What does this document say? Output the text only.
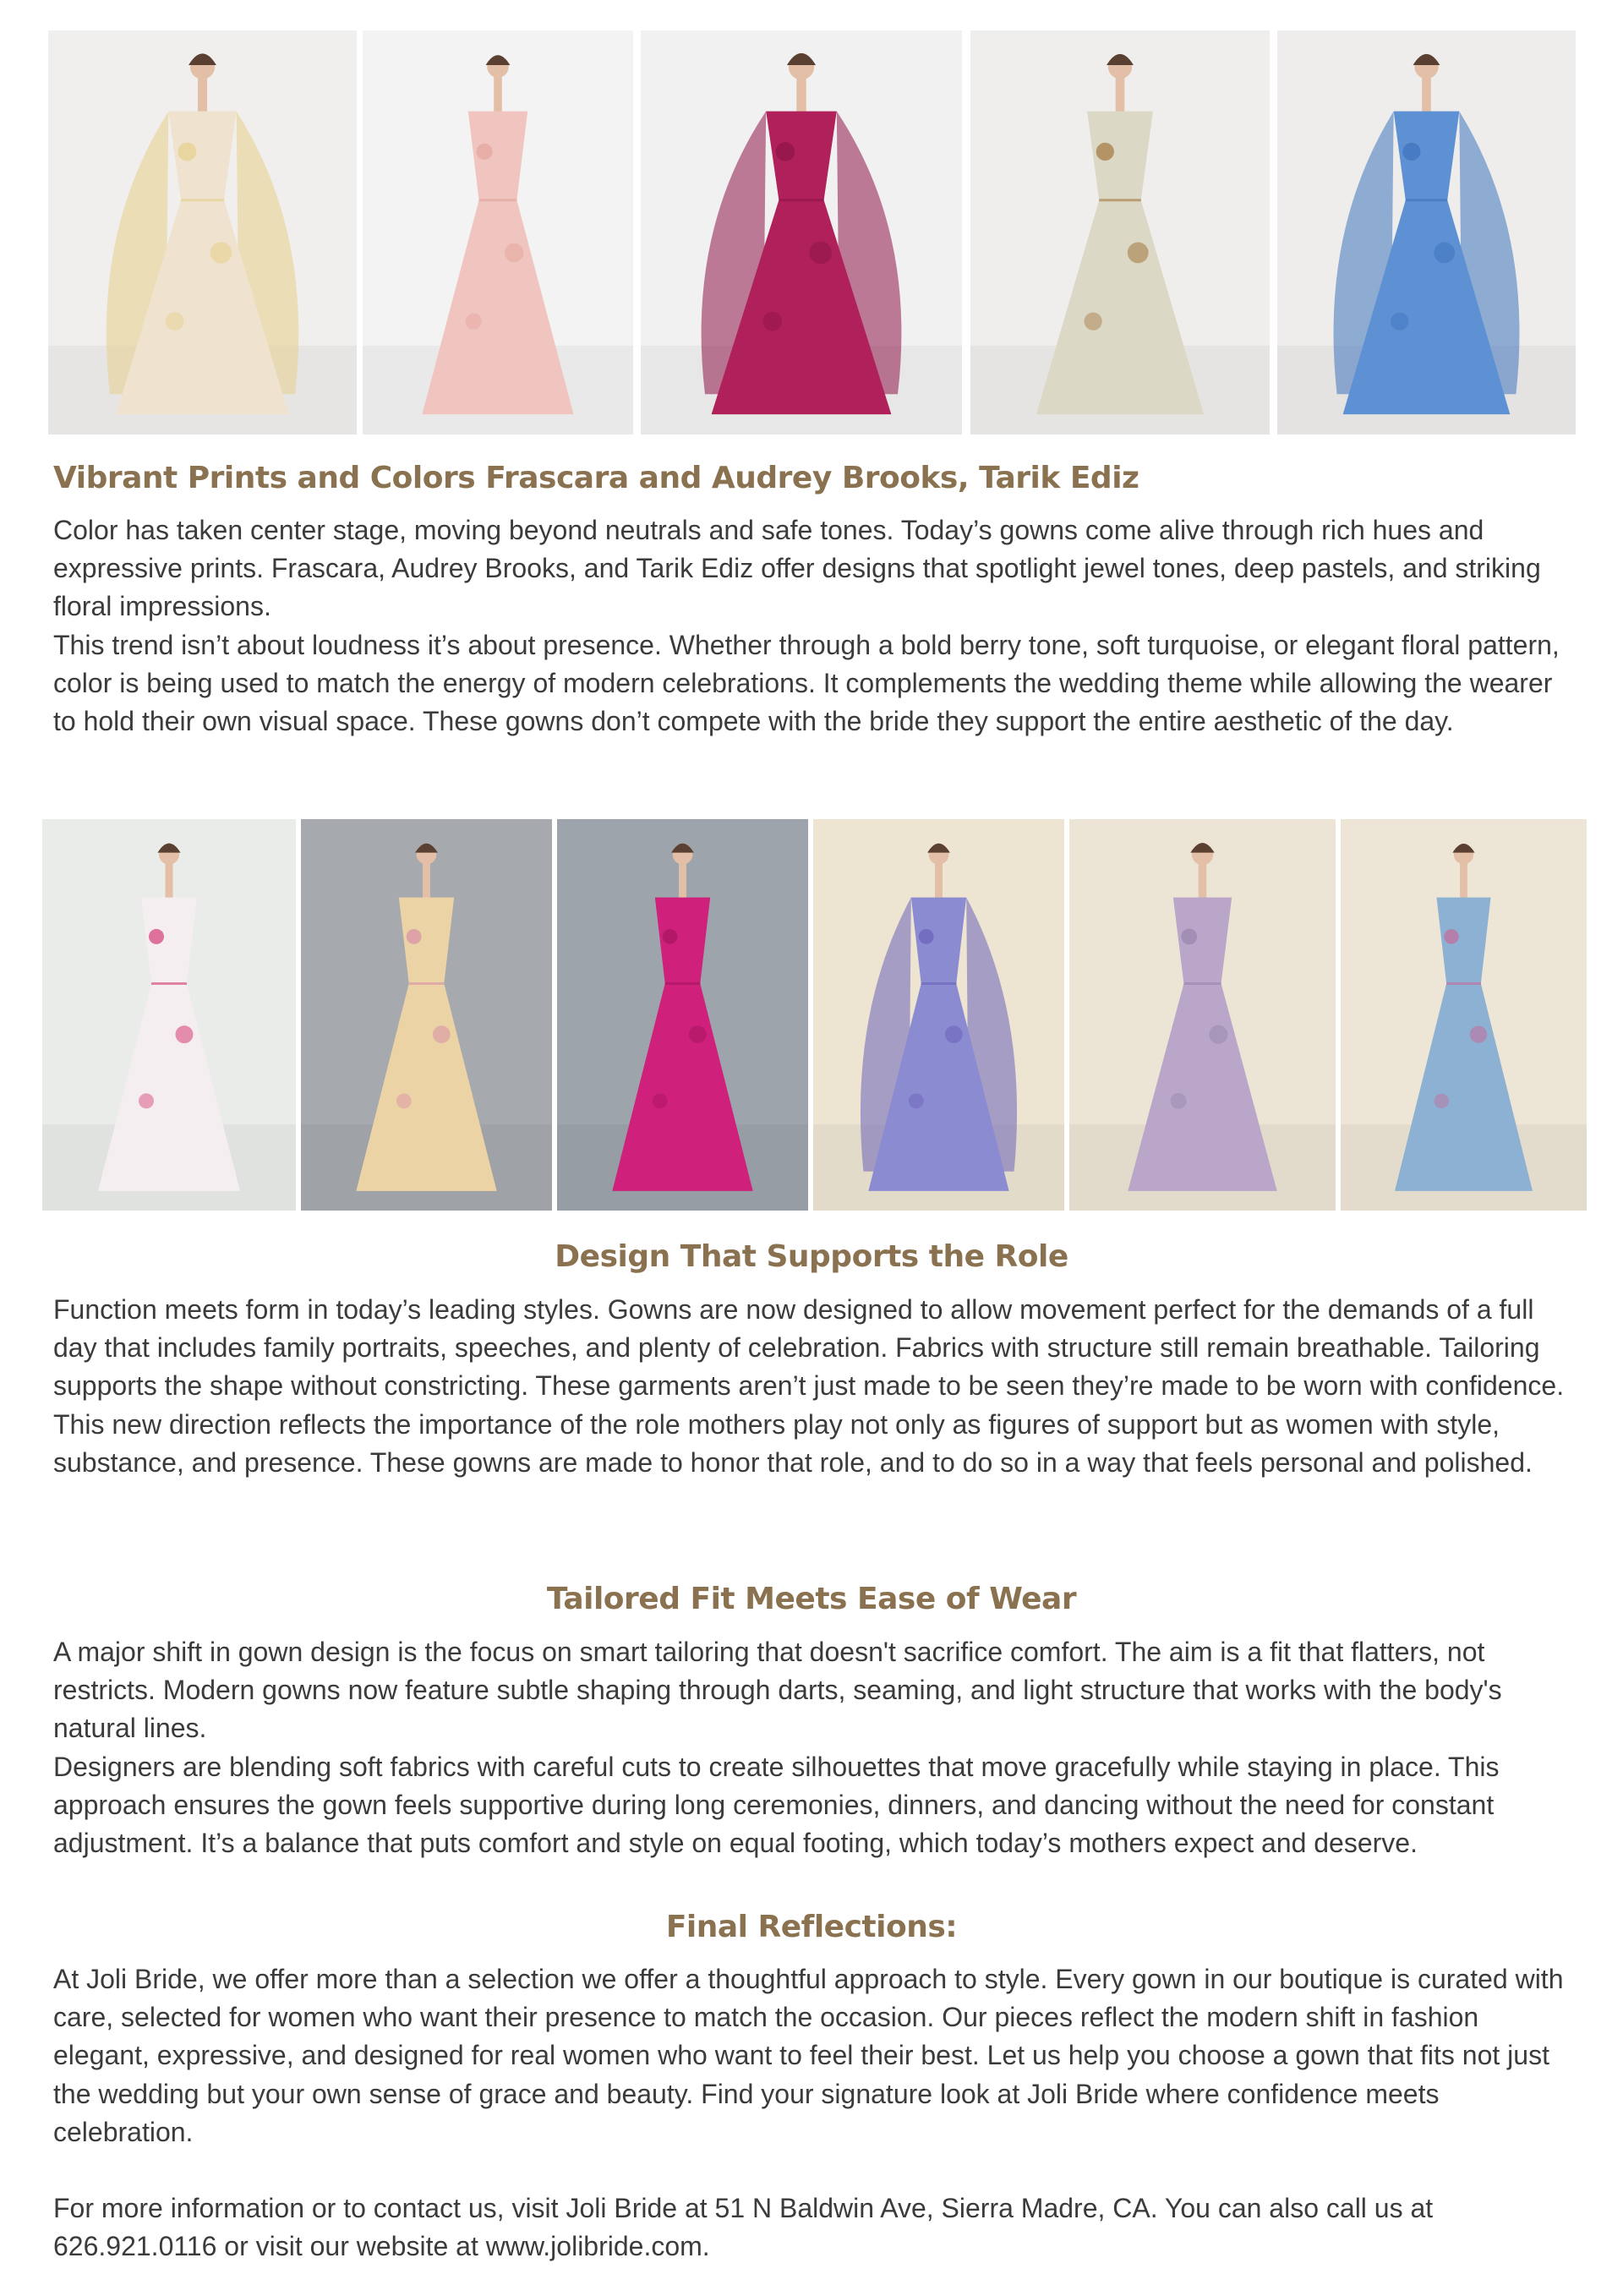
Vibrant Prints and Colors Frascara and Audrey Brooks, Tarik Ediz

Color has taken center stage, moving beyond neutrals and safe tones. Today’s gowns come alive through rich hues and expressive prints. Frascara, Audrey Brooks, and Tarik Ediz offer designs that spotlight jewel tones, deep pastels, and striking floral impressions.

This trend isn’t about loudness it’s about presence. Whether through a bold berry tone, soft turquoise, or elegant floral pattern, color is being used to match the energy of modern celebrations. It complements the wedding theme while allowing the wearer to hold their own visual space. These gowns don’t compete with the bride they support the entire aesthetic of the day.

Design That Supports the Role

Function meets form in today’s leading styles. Gowns are now designed to allow movement perfect for the demands of a full day that includes family portraits, speeches, and plenty of celebration. Fabrics with structure still remain breathable. Tailoring supports the shape without constricting. These garments aren’t just made to be seen they’re made to be worn with confidence.

This new direction reflects the importance of the role mothers play not only as figures of support but as women with style, substance, and presence. These gowns are made to honor that role, and to do so in a way that feels personal and polished.

Tailored Fit Meets Ease of Wear

A major shift in gown design is the focus on smart tailoring that doesn't sacrifice comfort. The aim is a fit that flatters, not restricts. Modern gowns now feature subtle shaping through darts, seaming, and light structure that works with the body's natural lines.

Designers are blending soft fabrics with careful cuts to create silhouettes that move gracefully while staying in place. This approach ensures the gown feels supportive during long ceremonies, dinners, and dancing without the need for constant adjustment. It’s a balance that puts comfort and style on equal footing, which today’s mothers expect and deserve.

Final Reflections:

At Joli Bride, we offer more than a selection we offer a thoughtful approach to style. Every gown in our boutique is curated with care, selected for women who want their presence to match the occasion. Our pieces reflect the modern shift in fashion elegant, expressive, and designed for real women who want to feel their best. Let us help you choose a gown that fits not just the wedding but your own sense of grace and beauty. Find your signature look at Joli Bride where confidence meets celebration.

For more information or to contact us, visit Joli Bride at 51 N Baldwin Ave, Sierra Madre, CA. You can also call us at 626.921.0116 or visit our website at www.jolibride.com.
